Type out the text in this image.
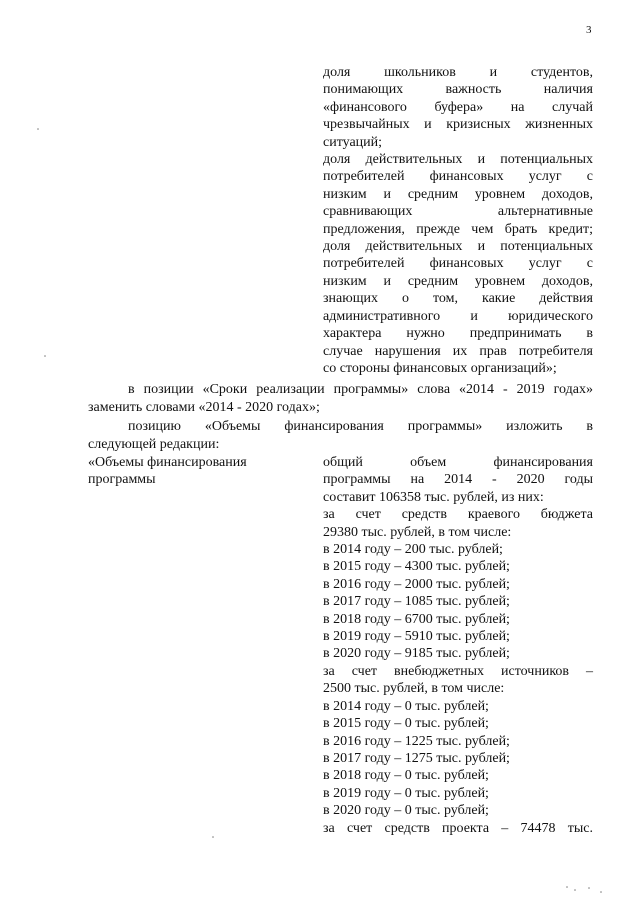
3
доля школьников и студентов,
понимающих важность наличия
«финансового буфера» на случай
чрезвычайных и кризисных жизненных
ситуаций;
доля действительных и потенциальных
потребителей финансовых услуг с
низким и средним уровнем доходов,
сравнивающих альтернативные
предложения, прежде чем брать кредит;
доля действительных и потенциальных
потребителей финансовых услуг с
низким и средним уровнем доходов,
знающих о том, какие действия
административного и юридического
характера нужно предпринимать в
случае нарушения их прав потребителя
со стороны финансовых организаций»;
в позиции «Сроки реализации программы» слова «2014 - 2019 годах»
заменить словами «2014 - 2020 годах»;
позицию «Объемы финансирования программы» изложить в
следующей редакции:
«Объемы финансирования
программы
общий объем финансирования
программы на 2014 - 2020 годы
составит 106358 тыс. рублей, из них:
за счет средств краевого бюджета
29380 тыс. рублей, в том числе:
в 2014 году – 200 тыс. рублей;
в 2015 году – 4300 тыс. рублей;
в 2016 году – 2000 тыс. рублей;
в 2017 году – 1085 тыс. рублей;
в 2018 году – 6700 тыс. рублей;
в 2019 году – 5910 тыс. рублей;
в 2020 году – 9185 тыс. рублей;
за счет внебюджетных источников –
2500 тыс. рублей, в том числе:
в 2014 году – 0 тыс. рублей;
в 2015 году – 0 тыс. рублей;
в 2016 году – 1225 тыс. рублей;
в 2017 году – 1275 тыс. рублей;
в 2018 году – 0 тыс. рублей;
в 2019 году – 0 тыс. рублей;
в 2020 году – 0 тыс. рублей;
за счет средств проекта – 74478 тыс.
